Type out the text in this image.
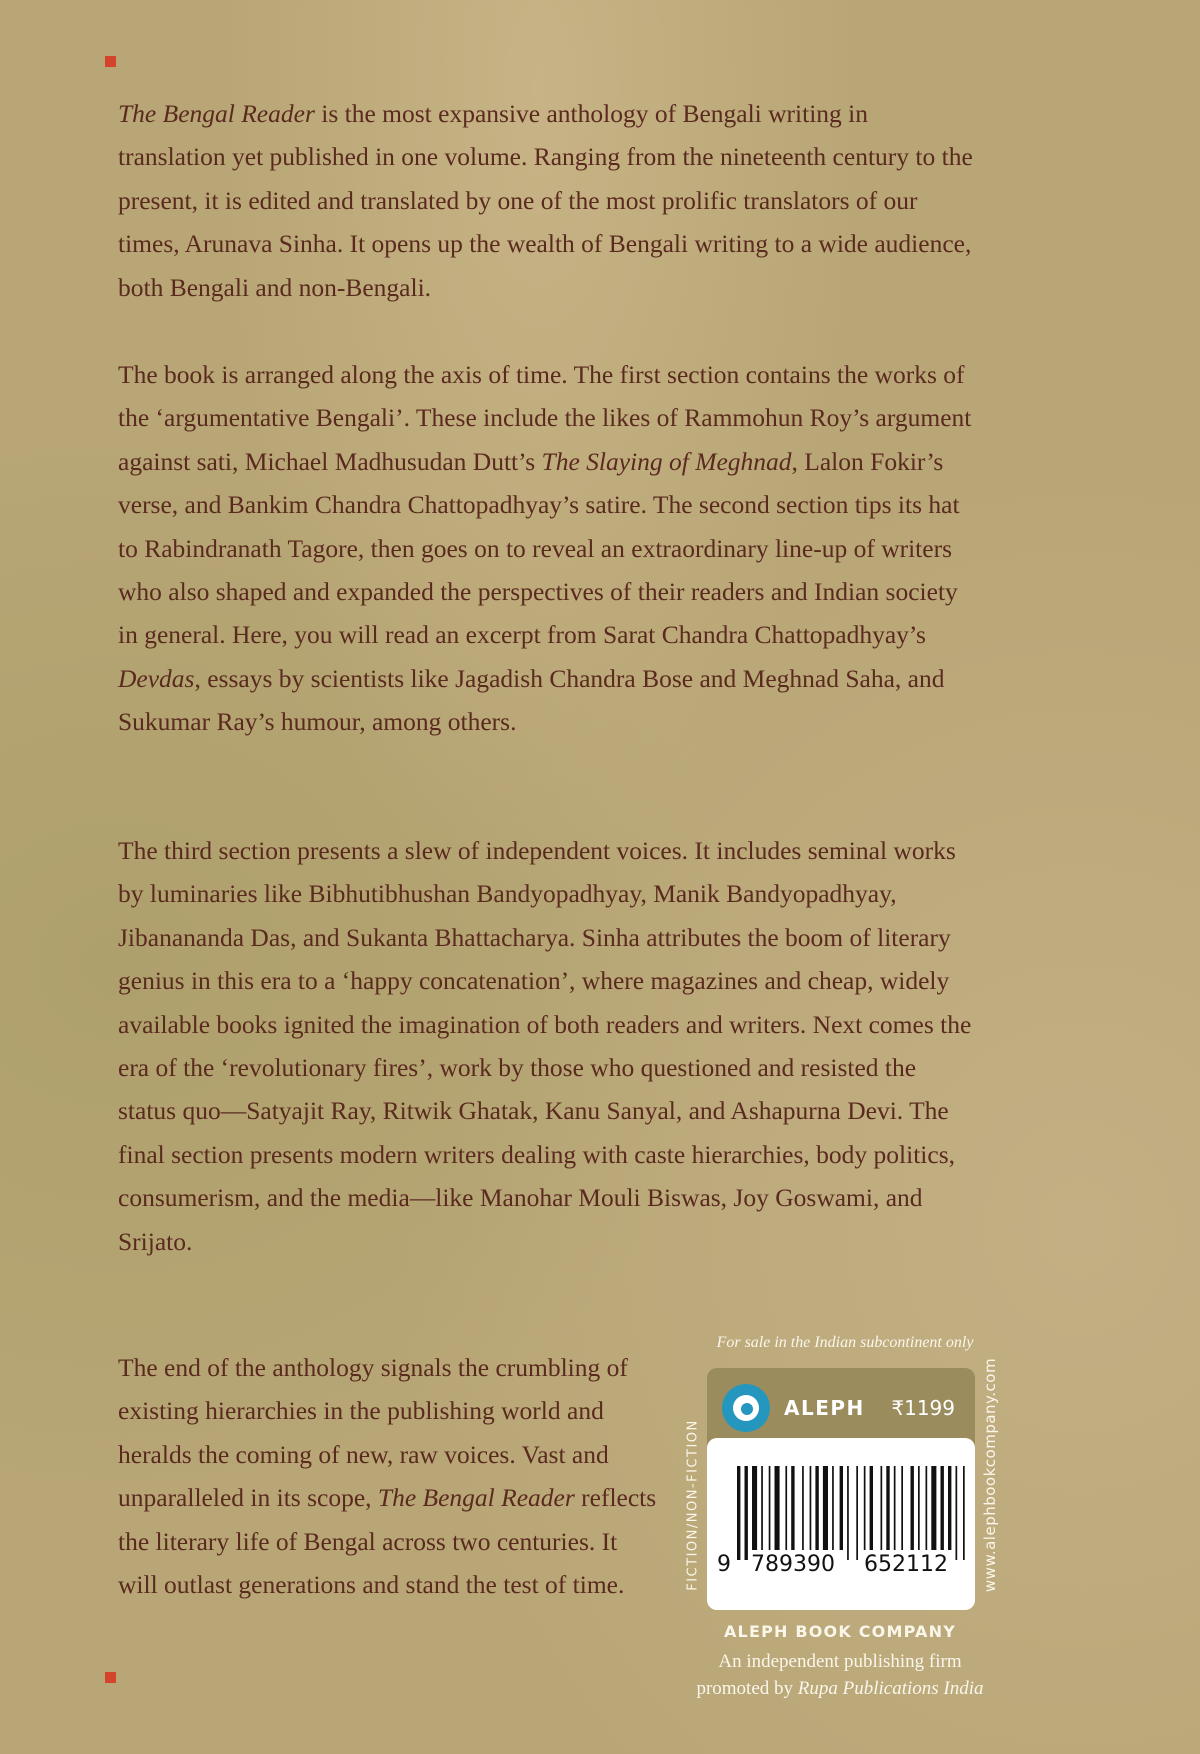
The Bengal Reader is the most expansive anthology of Bengali writing in translation yet published in one volume. Ranging from the nineteenth century to the present, it is edited and translated by one of the most prolific translators of our times, Arunava Sinha. It opens up the wealth of Bengali writing to a wide audience, both Bengali and non-Bengali.

The book is arranged along the axis of time. The first section contains the works of the ‘argumentative Bengali’. These include the likes of Rammohun Roy’s argument against sati, Michael Madhusudan Dutt’s The Slaying of Meghnad, Lalon Fokir’s verse, and Bankim Chandra Chattopadhyay’s satire. The second section tips its hat to Rabindranath Tagore, then goes on to reveal an extraordinary line-up of writers who also shaped and expanded the perspectives of their readers and Indian society in general. Here, you will read an excerpt from Sarat Chandra Chattopadhyay’s Devdas, essays by scientists like Jagadish Chandra Bose and Meghnad Saha, and Sukumar Ray’s humour, among others.

The third section presents a slew of independent voices. It includes seminal works by luminaries like Bibhutibhushan Bandyopadhyay, Manik Bandyopadhyay, Jibanananda Das, and Sukanta Bhattacharya. Sinha attributes the boom of literary genius in this era to a ‘happy concatenation’, where magazines and cheap, widely available books ignited the imagination of both readers and writers. Next comes the era of the ‘revolutionary fires’, work by those who questioned and resisted the status quo—Satyajit Ray, Ritwik Ghatak, Kanu Sanyal, and Ashapurna Devi. The final section presents modern writers dealing with caste hierarchies, body politics, consumerism, and the media—like Manohar Mouli Biswas, Joy Goswami, and Srijato.

The end of the anthology signals the crumbling of existing hierarchies in the publishing world and heralds the coming of new, raw voices. Vast and unparalleled in its scope, The Bengal Reader reflects the literary life of Bengal across two centuries. It will outlast generations and stand the test of time.

For sale in the Indian subcontinent only
FICTION/NON-FICTION	www.alephbookcompany.com
ALEPH ₹1199
9 789390 652112
ALEPH BOOK COMPANY
An independent publishing firm
promoted by Rupa Publications India
